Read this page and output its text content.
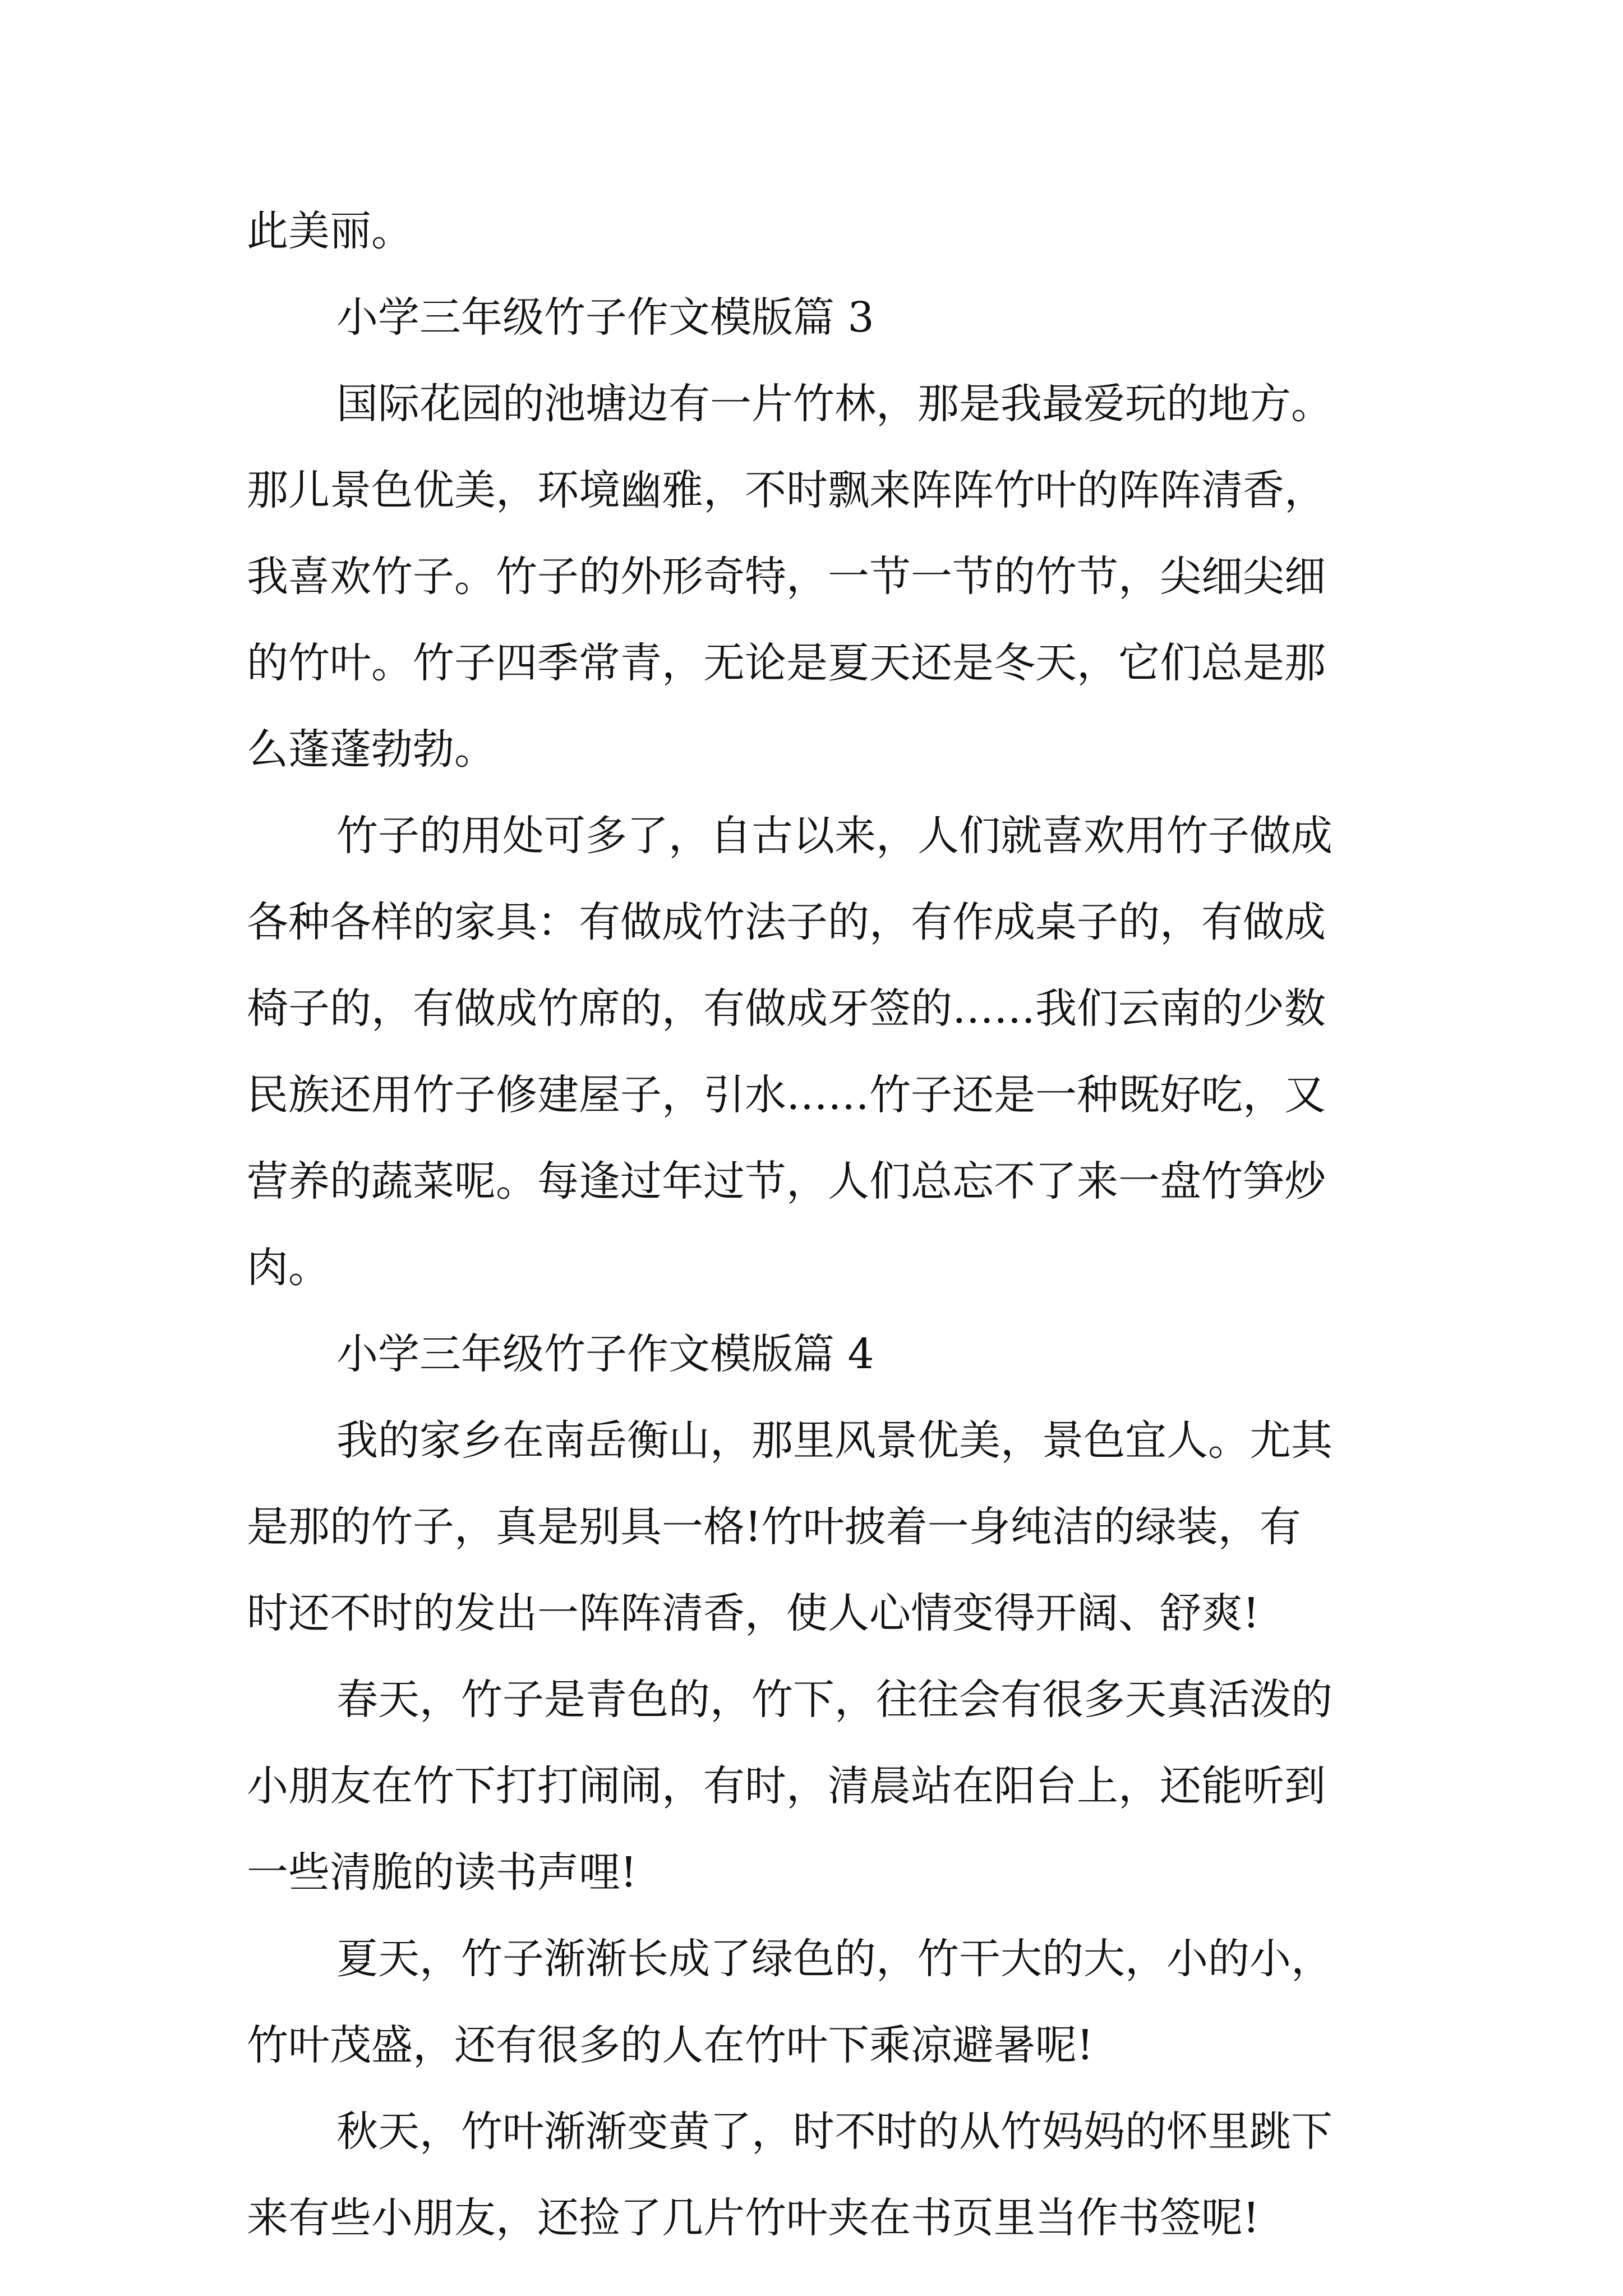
此美丽。

小学三年级竹子作文模版篇 3

国际花园的池塘边有一片竹林，那是我最爱玩的地方。

那儿景色优美，环境幽雅，不时飘来阵阵竹叶的阵阵清香，

我喜欢竹子。竹子的外形奇特，一节一节的竹节，尖细尖细

的竹叶。竹子四季常青，无论是夏天还是冬天，它们总是那

么蓬蓬勃勃。

竹子的用处可多了，自古以来，人们就喜欢用竹子做成

各种各样的家具：有做成竹法子的，有作成桌子的，有做成

椅子的，有做成竹席的，有做成牙签的……我们云南的少数

民族还用竹子修建屋子，引水……竹子还是一种既好吃，又

营养的蔬菜呢。每逢过年过节，人们总忘不了来一盘竹笋炒

肉。

小学三年级竹子作文模版篇 4

我的家乡在南岳衡山，那里风景优美，景色宜人。尤其

是那的竹子，真是别具一格!竹叶披着一身纯洁的绿装，有

时还不时的发出一阵阵清香，使人心情变得开阔、舒爽!

春天，竹子是青色的，竹下，往往会有很多天真活泼的

小朋友在竹下打打闹闹，有时，清晨站在阳台上，还能听到

一些清脆的读书声哩!

夏天，竹子渐渐长成了绿色的，竹干大的大，小的小，

竹叶茂盛，还有很多的人在竹叶下乘凉避暑呢!

秋天，竹叶渐渐变黄了，时不时的从竹妈妈的怀里跳下

来有些小朋友，还捡了几片竹叶夹在书页里当作书签呢!
